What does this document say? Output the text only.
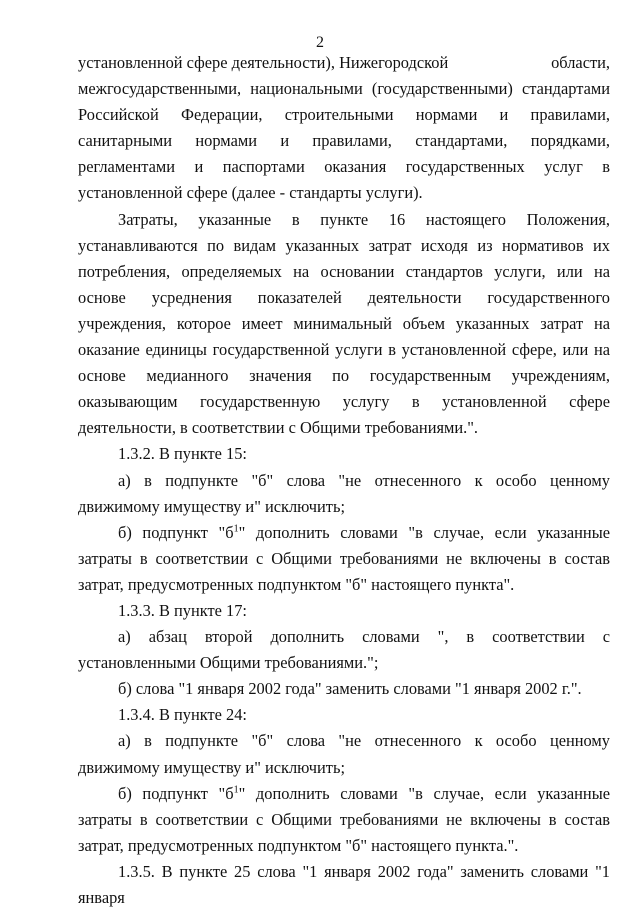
2
установленной сфере деятельности), Нижегородской	области,

межгосударственными, национальными (государственными) стандартами Российской Федерации, строительными нормами и правилами, санитарными нормами и правилами, стандартами, порядками, регламентами и паспортами оказания государственных услуг в установленной сфере (далее - стандарты услуги).

Затраты, указанные в пункте 16 настоящего Положения, устанавливаются по видам указанных затрат исходя из нормативов их потребления, определяемых на основании стандартов услуги, или на основе усреднения показателей деятельности государственного учреждения, которое имеет минимальный объем указанных затрат на оказание единицы государственной услуги в установленной сфере, или на основе медианного значения по государственным учреждениям, оказывающим государственную услугу в установленной сфере деятельности, в соответствии с Общими требованиями.".

1.3.2. В пункте 15:

а) в подпункте "б" слова "не отнесенного к особо ценному движимому имуществу и" исключить;

б) подпункт "$б^1$" дополнить словами "в случае, если указанные затраты в соответствии с Общими требованиями не включены в состав затрат, предусмотренных подпунктом "б" настоящего пункта".

1.3.3. В пункте 17:

а) абзац второй дополнить словами ", в соответствии с установленными Общими требованиями.";

б) слова "1 января 2002 года" заменить словами "1 января 2002 г.".

1.3.4. В пункте 24:

а) в подпункте "б" слова "не отнесенного к особо ценному движимому имуществу и" исключить;

б) подпункт "$б^1$" дополнить словами "в случае, если указанные затраты в соответствии с Общими требованиями не включены в состав затрат, предусмотренных подпунктом "б" настоящего пункта.".

1.3.5. В пункте 25 слова "1 января 2002 года" заменить словами "1 января
